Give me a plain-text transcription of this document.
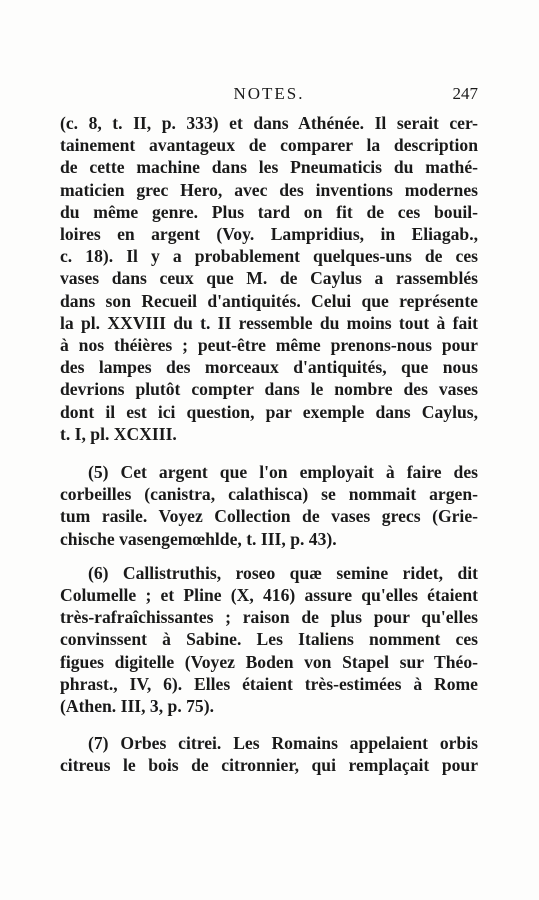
NOTES.	247
(c. 8, t. II, p. 333) et dans Athénée. Il serait cer-
tainement avantageux de comparer la description
de cette machine dans les Pneumaticis du mathé-
maticien grec Hero, avec des inventions modernes
du même genre. Plus tard on fit de ces bouil-
loires en argent (Voy. Lampridius, in Eliagab.,
c. 18). Il y a probablement quelques-uns de ces
vases dans ceux que M. de Caylus a rassemblés
dans son Recueil d'antiquités. Celui que représente
la pl. XXVIII du t. II ressemble du moins tout à fait
à nos théières ; peut-être même prenons-nous pour
des lampes des morceaux d'antiquités, que nous
devrions plutôt compter dans le nombre des vases
dont il est ici question, par exemple dans Caylus,
t. I, pl. XCXIII.
(5) Cet argent que l'on employait à faire des
corbeilles (canistra, calathisca) se nommait argen-
tum rasile. Voyez Collection de vases grecs (Grie-
chische vasengemœhlde, t. III, p. 43).
(6) Callistruthis, roseo quæ semine ridet, dit
Columelle ; et Pline (X, 416) assure qu'elles étaient
très-rafraîchissantes ; raison de plus pour qu'elles
convinssent à Sabine. Les Italiens nomment ces
figues digitelle (Voyez Boden von Stapel sur Théo-
phrast., IV, 6). Elles étaient très-estimées à Rome
(Athen. III, 3, p. 75).
(7) Orbes citrei. Les Romains appelaient orbis
citreus le bois de citronnier, qui remplaçait pour
